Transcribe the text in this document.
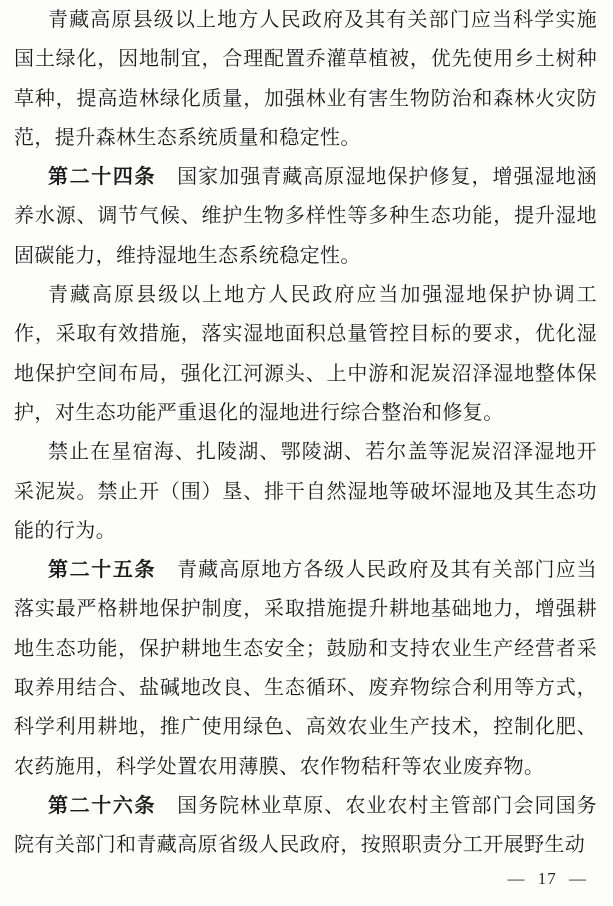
青藏高原县级以上地方人民政府及其有关部门应当科学实施国土绿化，因地制宜，合理配置乔灌草植被，优先使用乡土树种草种，提高造林绿化质量，加强林业有害生物防治和森林火灾防范，提升森林生态系统质量和稳定性。

第二十四条 国家加强青藏高原湿地保护修复，增强湿地涵养水源、调节气候、维护生物多样性等多种生态功能，提升湿地固碳能力，维持湿地生态系统稳定性。

青藏高原县级以上地方人民政府应当加强湿地保护协调工作，采取有效措施，落实湿地面积总量管控目标的要求，优化湿地保护空间布局，强化江河源头、上中游和泥炭沼泽湿地整体保护，对生态功能严重退化的湿地进行综合整治和修复。

禁止在星宿海、扎陵湖、鄂陵湖、若尔盖等泥炭沼泽湿地开采泥炭。禁止开（围）垦、排干自然湿地等破坏湿地及其生态功能的行为。

第二十五条 青藏高原地方各级人民政府及其有关部门应当落实最严格耕地保护制度，采取措施提升耕地基础地力，增强耕地生态功能，保护耕地生态安全；鼓励和支持农业生产经营者采取养用结合、盐碱地改良、生态循环、废弃物综合利用等方式，科学利用耕地，推广使用绿色、高效农业生产技术，控制化肥、农药施用，科学处置农用薄膜、农作物秸秆等农业废弃物。

第二十六条 国务院林业草原、农业农村主管部门会同国务院有关部门和青藏高原省级人民政府，按照职责分工开展野生动

— 17 —
